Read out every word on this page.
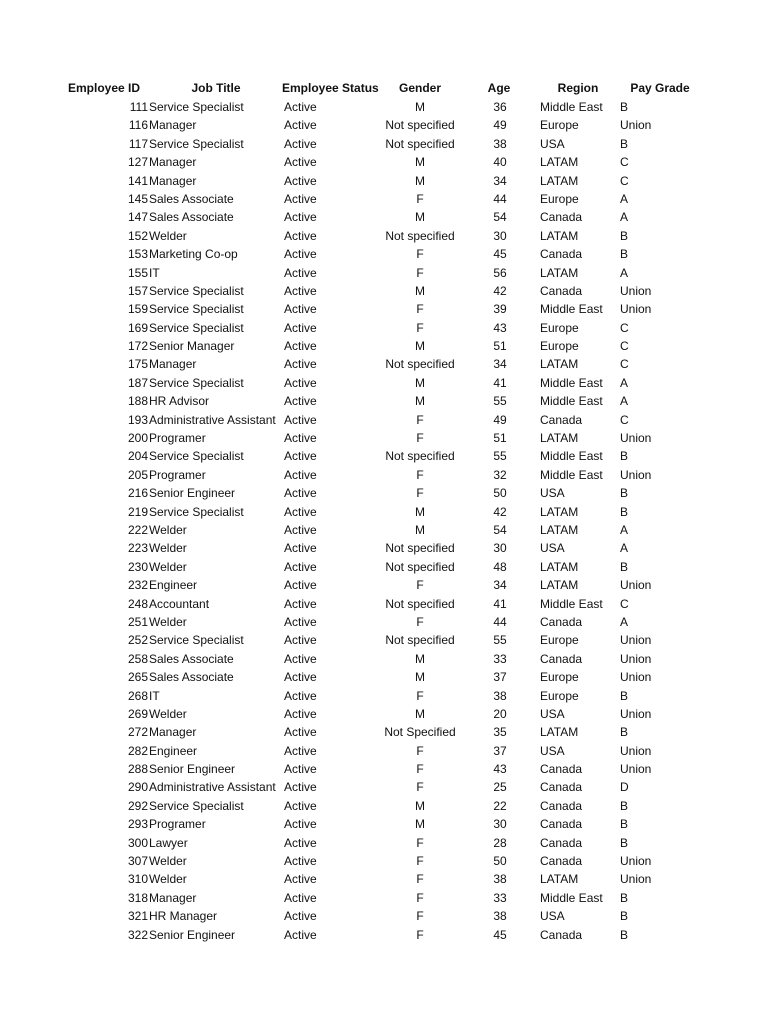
Employee ID	Job Title	Employee Status	Gender	Age	Region	Pay Grade
111 Service Specialist	Active	M	36	Middle East	B
116 Manager	Active	Not specified	49	Europe	Union
117 Service Specialist	Active	Not specified	38	USA	B
127 Manager	Active	M	40	LATAM	C
141 Manager	Active	M	34	LATAM	C
145 Sales Associate	Active	F	44	Europe	A
147 Sales Associate	Active	M	54	Canada	A
152 Welder	Active	Not specified	30	LATAM	B
153 Marketing Co-op	Active	F	45	Canada	B
155 IT	Active	F	56	LATAM	A
157 Service Specialist	Active	M	42	Canada	Union
159 Service Specialist	Active	F	39	Middle East	Union
169 Service Specialist	Active	F	43	Europe	C
172 Senior Manager	Active	M	51	Europe	C
175 Manager	Active	Not specified	34	LATAM	C
187 Service Specialist	Active	M	41	Middle East	A
188 HR Advisor	Active	M	55	Middle East	A
193 Administrative Assistant Active	F	49	Canada	C
200 Programer	Active	F	51	LATAM	Union
204 Service Specialist	Active	Not specified	55	Middle East	B
205 Programer	Active	F	32	Middle East	Union
216 Senior Engineer	Active	F	50	USA	B
219 Service Specialist	Active	M	42	LATAM	B
222 Welder	Active	M	54	LATAM	A
223 Welder	Active	Not specified	30	USA	A
230 Welder	Active	Not specified	48	LATAM	B
232 Engineer	Active	F	34	LATAM	Union
248 Accountant	Active	Not specified	41	Middle East	C
251 Welder	Active	F	44	Canada	A
252 Service Specialist	Active	Not specified	55	Europe	Union
258 Sales Associate	Active	M	33	Canada	Union
265 Sales Associate	Active	M	37	Europe	Union
268 IT	Active	F	38	Europe	B
269 Welder	Active	M	20	USA	Union
272 Manager	Active	Not Specified	35	LATAM	B
282 Engineer	Active	F	37	USA	Union
288 Senior Engineer	Active	F	43	Canada	Union
290 Administrative Assistant Active	F	25	Canada	D
292 Service Specialist	Active	M	22	Canada	B
293 Programer	Active	M	30	Canada	B
300 Lawyer	Active	F	28	Canada	B
307 Welder	Active	F	50	Canada	Union
310 Welder	Active	F	38	LATAM	Union
318 Manager	Active	F	33	Middle East	B
321 HR Manager	Active	F	38	USA	B
322 Senior Engineer	Active	F	45	Canada	B
